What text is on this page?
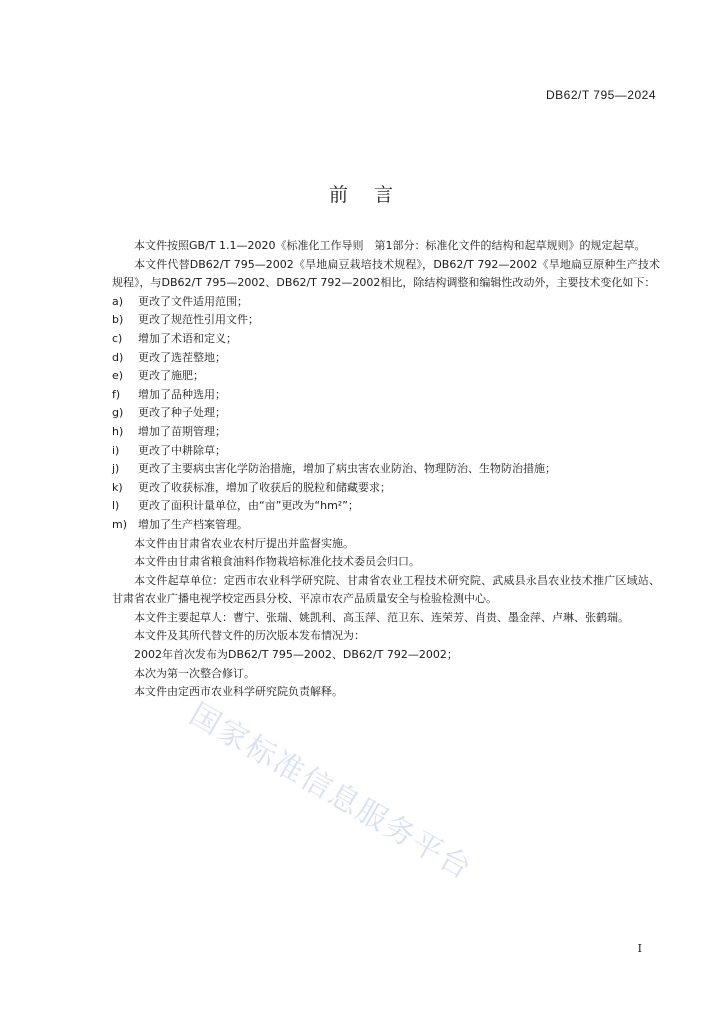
DB62/T 795—2024
前言

本文件按照GB/T 1.1—2020《标准化工作导则　第1部分：标准化文件的结构和起草规则》的规定起草。

本文件代替DB62/T 795—2002《旱地扁豆栽培技术规程》，DB62/T 792—2002《旱地扁豆原种生产技术规程》，与DB62/T 795—2002、DB62/T 792—2002相比，除结构调整和编辑性改动外，主要技术变化如下：

a)	更改了文件适用范围；
b)	更改了规范性引用文件；
c)	增加了术语和定义；
d)	更改了选茬整地；
e)	更改了施肥；
f)	增加了品种选用；
g)	更改了种子处理；
h)	增加了苗期管理；
i)	更改了中耕除草；
j)	更改了主要病虫害化学防治措施，增加了病虫害农业防治、物理防治、生物防治措施；
k)	更改了收获标准，增加了收获后的脱粒和储藏要求；
l)	更改了面积计量单位，由“亩”更改为“hm²”；
m) 增加了生产档案管理。

本文件由甘肃省农业农村厅提出并监督实施。

本文件由甘肃省粮食油料作物栽培标准化技术委员会归口。

本文件起草单位：定西市农业科学研究院、甘肃省农业工程技术研究院、武威县永昌农业技术推广区域站、甘肃省农业广播电视学校定西县分校、平凉市农产品质量安全与检验检测中心。

本文件主要起草人：曹宁、张瑞、姚凯利、高玉萍、范卫东、连荣芳、肖贵、墨金萍、卢琳、张鹤瑞。

本文件及其所代替文件的历次版本发布情况为：

2002年首次发布为DB62/T 795—2002、DB62/T 792—2002；

本次为第一次整合修订。

本文件由定西市农业科学研究院负责解释。

国家标准信息服务平台
I
